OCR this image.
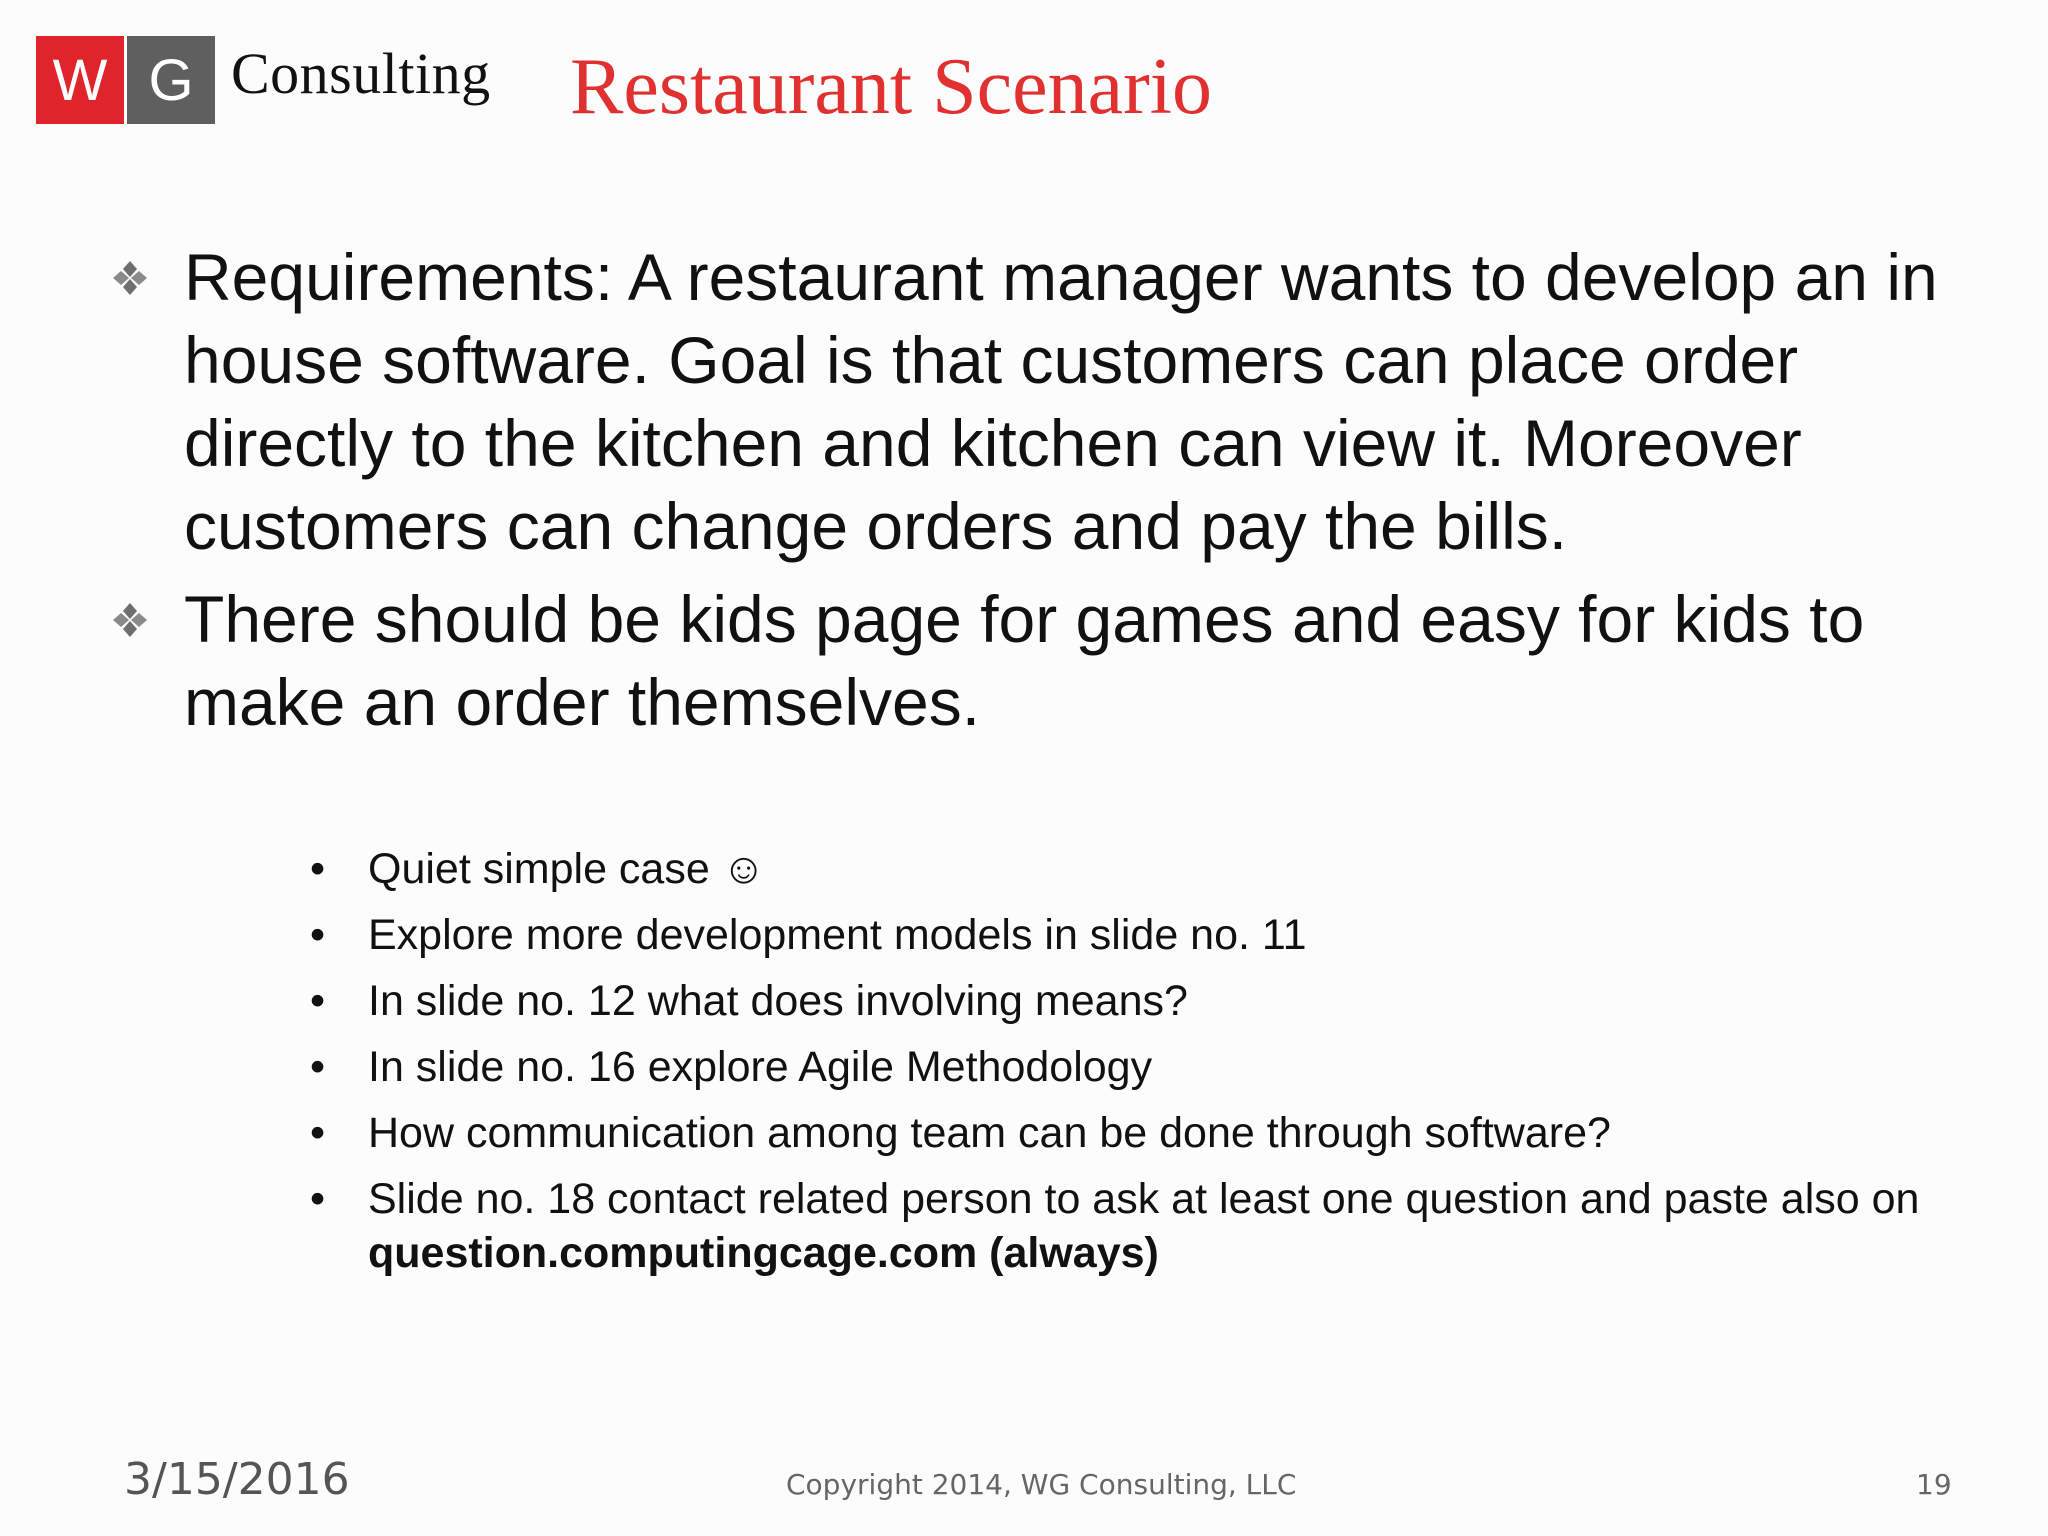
W G Consulting Restaurant Scenario
Requirements: A restaurant manager wants to develop an in house software. Goal is that customers can place order directly to the kitchen and kitchen can view it. Moreover customers can change orders and pay the bills.
There should be kids page for games and easy for kids to make an order themselves.
• Quiet simple case ☺
• Explore more development models in slide no. 11
• In slide no. 12 what does involving means?
• In slide no. 16 explore Agile Methodology
• How communication among team can be done through software?
• Slide no. 18 contact related person to ask at least one question and paste also on question.computingcage.com (always)
3/15/2016	Copyright 2014, WG Consulting, LLC	19
